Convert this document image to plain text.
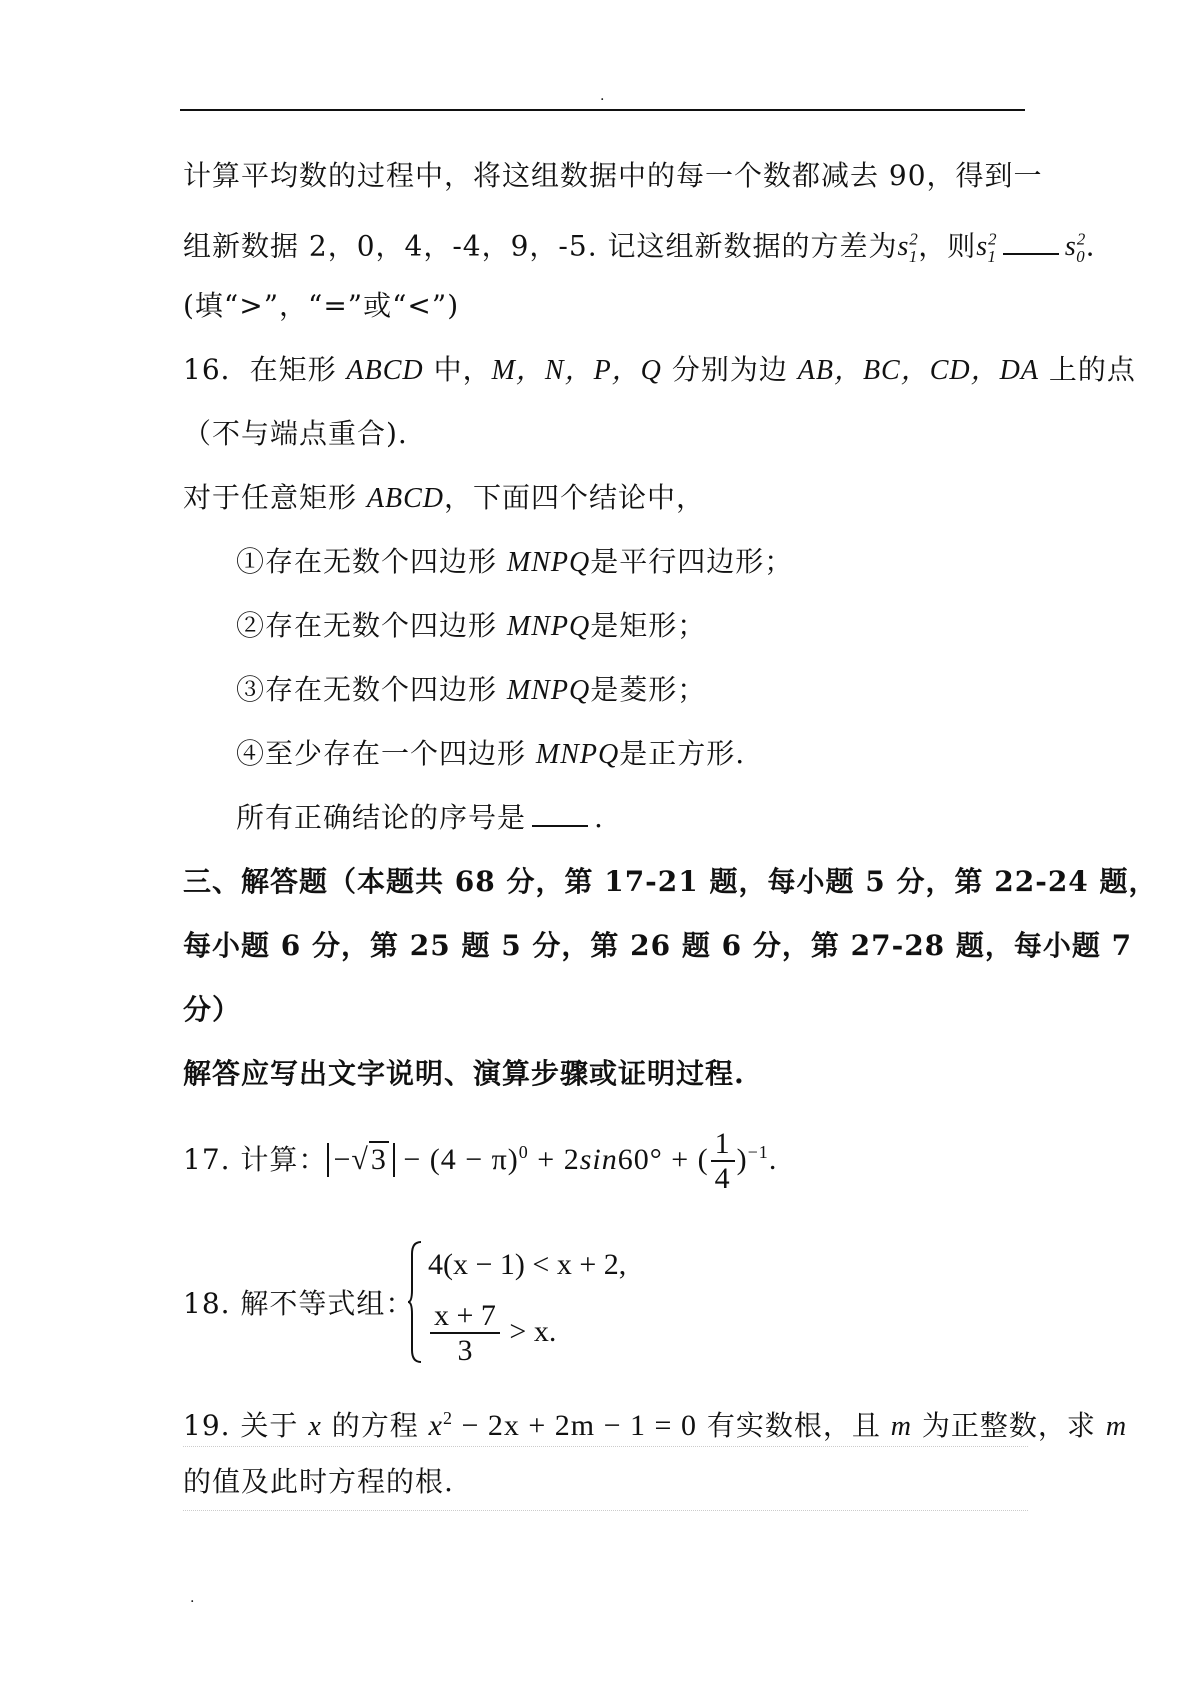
.
计算平均数的过程中，将这组数据中的每一个数都减去 90，得到一
组新数据 2，0，4，-4，9，-5. 记这组新数据的方差为$s^2_1$，则$s^2_1$ $s^2_0$.
(填“>”，“=”或“<”)
16．在矩形 ABCD 中，M，N，P，Q 分别为边 AB，BC，CD，DA 上的点
（不与端点重合).
对于任意矩形 ABCD，下面四个结论中，
①存在无数个四边形 MNPQ是平行四边形；
②存在无数个四边形 MNPQ是矩形；
③存在无数个四边形 MNPQ是菱形；
④至少存在一个四边形 MNPQ是正方形.
所有正确结论的序号是 .
三、解答题（本题共 68 分，第 17-21 题，每小题 5 分，第 22-24 题，
每小题 6 分，第 25 题 5 分，第 26 题 6 分，第 27-28 题，每小题 7
分）
解答应写出文字说明、演算步骤或证明过程.
17. 计算： $-√3 - (4 - \pi)^0 + 2\sin 60^\circ$ + ( $\frac{1}{4} )^{-1}$.
18. 解不等式组：
4(x − 1) < x + 2,
$\frac{x + 7}{3} > x$.
19. 关于 x 的方程 $x^2 - 2x + 2m - 1 = 0$ 有实数根，且 m 为正整数，求 m
的值及此时方程的根.
.
